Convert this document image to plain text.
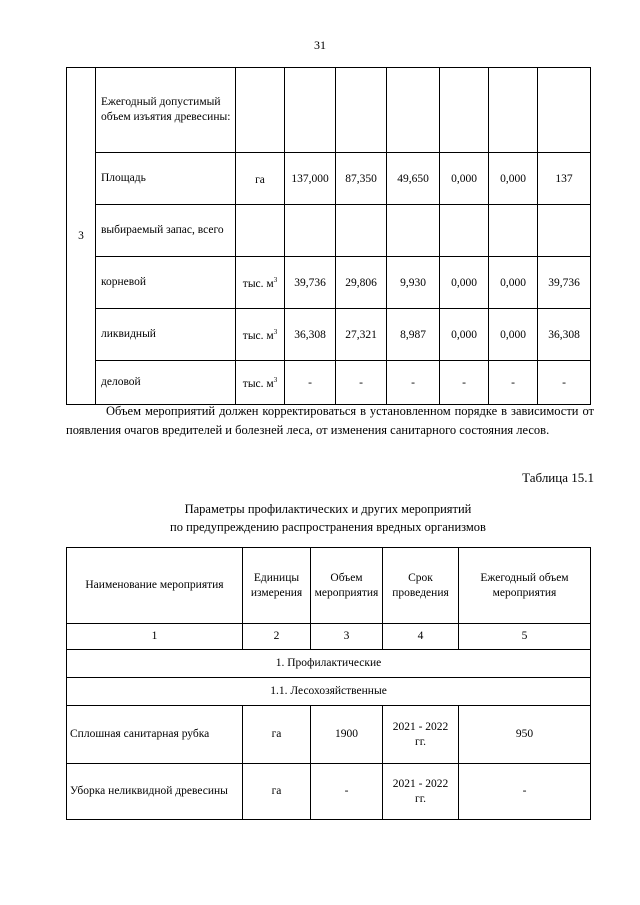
31
3	Ежегодный допустимый объем изъятия древесины:							
	Площадь	га	137,000	87,350	49,650	0,000	0,000	137
	выбираемый запас, всего							
	корневой	тыс. $м^3$	39,736	29,806	9,930	0,000	0,000	39,736
	ликвидный	тыс. $м^3$	36,308	27,321	8,987	0,000	0,000	36,308
	деловой	тыс. $м^3$	-	-	-	-	-	-
Объем мероприятий должен корректироваться в установленном порядке в зависимости от появления очагов вредителей и болезней леса, от изменения санитарного состояния лесов.
Таблица 15.1
Параметры профилактических и других мероприятий
по предупреждению распространения вредных организмов
Наименование мероприятия	Единицы измерения	Объем мероприятия	Срок проведения	Ежегодный объем мероприятия
1	2	3	4	5
1. Профилактические				
1.1. Лесохозяйственные				
Сплошная санитарная рубка	га	1900	2021 - 2022 гг.	950
Уборка неликвидной древесины	га	-	2021 - 2022 гг.	-
